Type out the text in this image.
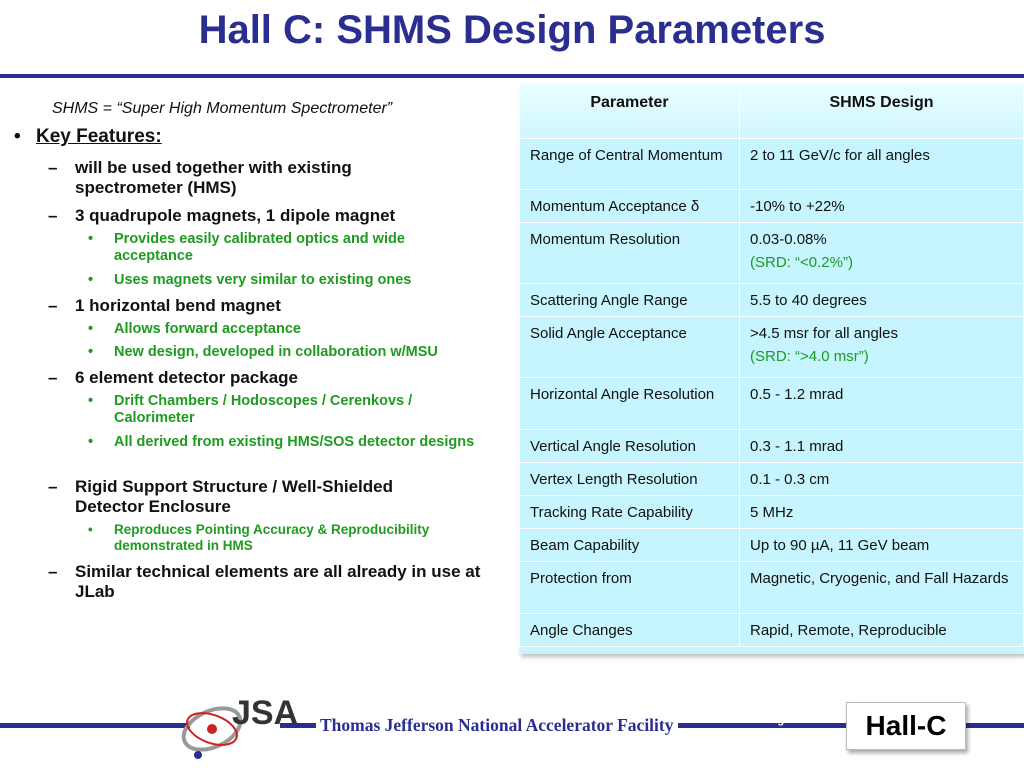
Hall C: SHMS Design Parameters
SHMS = “Super High Momentum Spectrometer”
• Key Features:
– will be used together with existing spectrometer (HMS)
– 3 quadrupole magnets, 1 dipole magnet
• Provides easily calibrated optics and wide acceptance
• Uses magnets very similar to existing ones
– 1 horizontal bend magnet
• Allows forward acceptance
• New design, developed in collaboration w/MSU
– 6 element detector package
• Drift Chambers / Hodoscopes / Cerenkovs / Calorimeter
• All derived from existing HMS/SOS detector designs
– Rigid Support Structure / Well-Shielded Detector Enclosure
• Reproduces Pointing Accuracy & Reproducibility demonstrated in HMS
– Similar technical elements are all already in use at JLab
Parameter	SHMS Design
Range of Central Momentum	2 to 11 GeV/c for all angles
Momentum Acceptance δ	-10% to +22%
Momentum Resolution	0.03-0.08%
(SRD: “<0.2%”)

Scattering Angle Range	5.5 to 40 degrees
Solid Angle Acceptance	>4.5 msr for all angles
(SRD: “>4.0 msr”)

Horizontal Angle Resolution	0.5 - 1.2 mrad
Vertical Angle Resolution	0.3 - 1.1 mrad
Vertex Length Resolution	0.1 - 0.3 cm
Tracking Rate Capability	5 MHz
Beam Capability	Up to 90 µA, 11 GeV beam
Protection from	Magnetic, Cryogenic, and Fall Hazards
Angle Changes	Rapid, Remote, Reproducible
JSA Thomas Jefferson National Accelerator Facility	Page 8	Hall-C
